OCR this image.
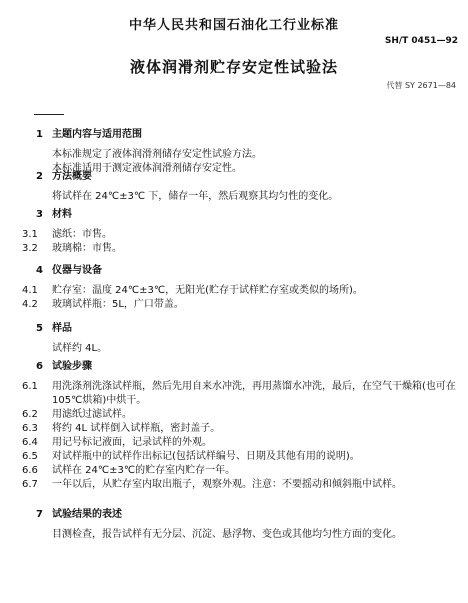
中华人民共和国石油化工行业标准
SH/T 0451—92
液体润滑剂贮存安定性试验法
代替 SY 2671—84
1 主题内容与适用范围

本标准规定了液体润滑剂储存安定性试验方法。

本标准适用于测定液体润滑剂储存安定性。

2 方法概要

将试样在 24℃±3℃ 下，储存一年，然后观察其均匀性的变化。

3 材料
3.1	滤纸：市售。
3.2	玻璃棉：市售。
4 仪器与设备
4.1	贮存室：温度 24℃±3℃，无阳光(贮存于试样贮存室或类似的场所)。
4.2	玻璃试样瓶：5L，广口带盖。
5 样品

试样约 4L。

6 试验步骤
6.1	用洗涤剂洗涤试样瓶，然后先用自来水冲洗，再用蒸馏水冲洗，最后，在空气干燥箱(也可在 105℃烘箱)中烘干。
6.2	用滤纸过滤试样。
6.3	将约 4L 试样倒入试样瓶，密封盖子。
6.4	用记号标记液面，记录试样的外观。
6.5	对试样瓶中的试样作出标记(包括试样编号、日期及其他有用的说明)。
6.6	试样在 24℃±3℃的贮存室内贮存一年。
6.7	一年以后，从贮存室内取出瓶子，观察外观。注意：不要摇动和倾斜瓶中试样。
7 试验结果的表述

目测检查，报告试样有无分层、沉淀、悬浮物、变色或其他均匀性方面的变化。
